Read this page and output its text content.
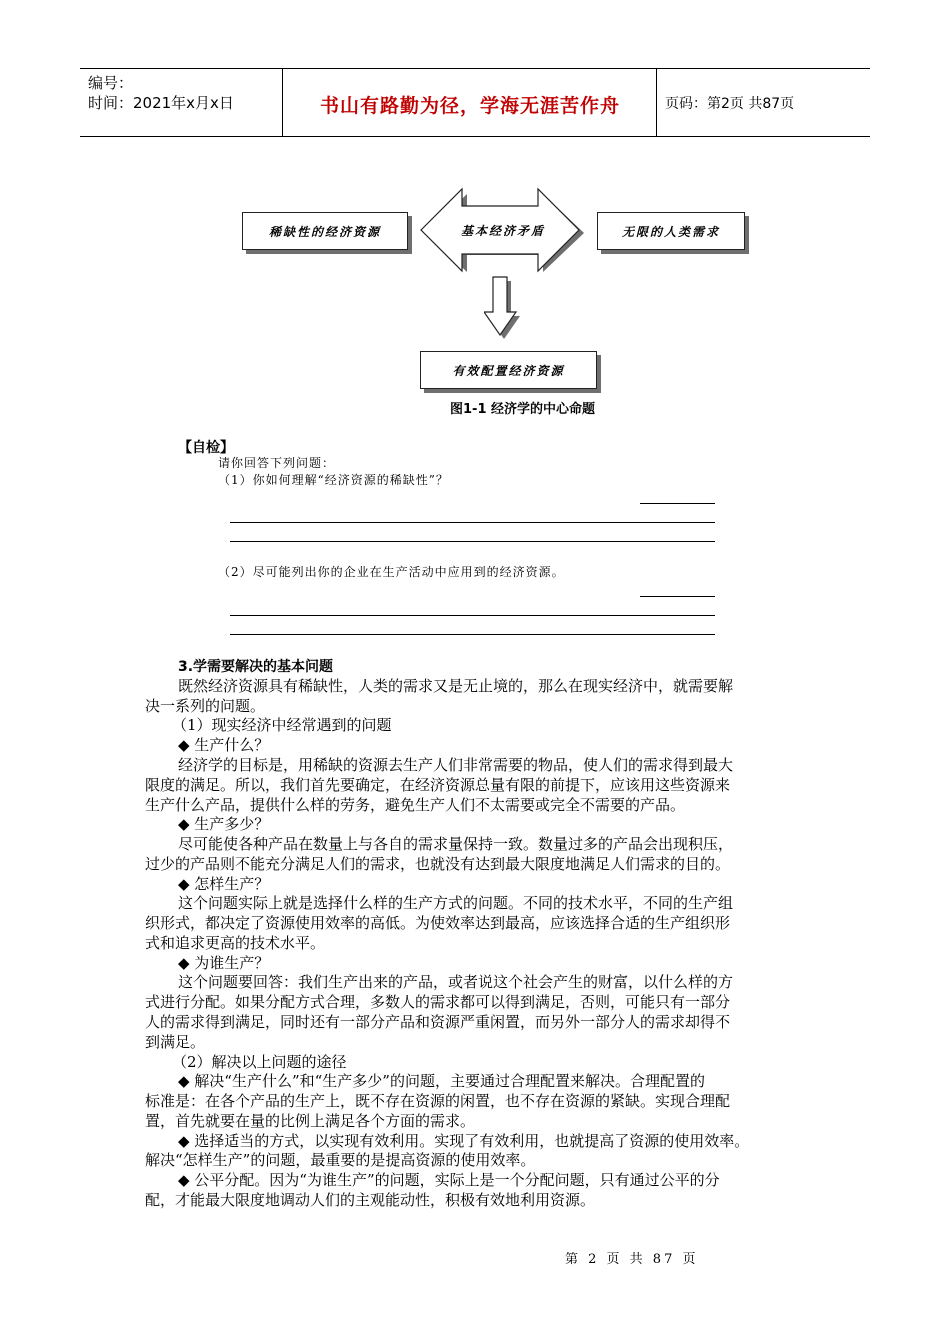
编号：
时间：2021年x月x日	书山有路勤为径，学海无涯苦作舟	页码：第2页 共87页
稀缺性的经济资源	基本经济矛盾	无限的人类需求
有效配置经济资源
图1-1 经济学的中心命题
【自检】
请你回答下列问题：
（1）你如何理解“经济资源的稀缺性”？
（2）尽可能列出你的企业在生产活动中应用到的经济资源。
3.学需要解决的基本问题
既然经济资源具有稀缺性，人类的需求又是无止境的，那么在现实经济中，就需要解
决一系列的问题。
（1）现实经济中经常遇到的问题
◆ 生产什么？
经济学的目标是，用稀缺的资源去生产人们非常需要的物品，使人们的需求得到最大
限度的满足。所以，我们首先要确定，在经济资源总量有限的前提下，应该用这些资源来
生产什么产品，提供什么样的劳务，避免生产人们不太需要或完全不需要的产品。
◆ 生产多少？
尽可能使各种产品在数量上与各自的需求量保持一致。数量过多的产品会出现积压，
过少的产品则不能充分满足人们的需求，也就没有达到最大限度地满足人们需求的目的。
◆ 怎样生产？
这个问题实际上就是选择什么样的生产方式的问题。不同的技术水平，不同的生产组
织形式，都决定了资源使用效率的高低。为使效率达到最高，应该选择合适的生产组织形
式和追求更高的技术水平。
◆ 为谁生产？
这个问题要回答：我们生产出来的产品，或者说这个社会产生的财富，以什么样的方
式进行分配。如果分配方式合理，多数人的需求都可以得到满足，否则，可能只有一部分
人的需求得到满足，同时还有一部分产品和资源严重闲置，而另外一部分人的需求却得不
到满足。
（2）解决以上问题的途径
◆ 解决“生产什么”和“生产多少”的问题，主要通过合理配置来解决。合理配置的
标准是：在各个产品的生产上，既不存在资源的闲置，也不存在资源的紧缺。实现合理配
置，首先就要在量的比例上满足各个方面的需求。
◆ 选择适当的方式，以实现有效利用。实现了有效利用，也就提高了资源的使用效率。
解决“怎样生产”的问题，最重要的是提高资源的使用效率。
◆ 公平分配。因为“为谁生产”的问题，实际上是一个分配问题，只有通过公平的分
配，才能最大限度地调动人们的主观能动性，积极有效地利用资源。
第 2 页 共 87 页
